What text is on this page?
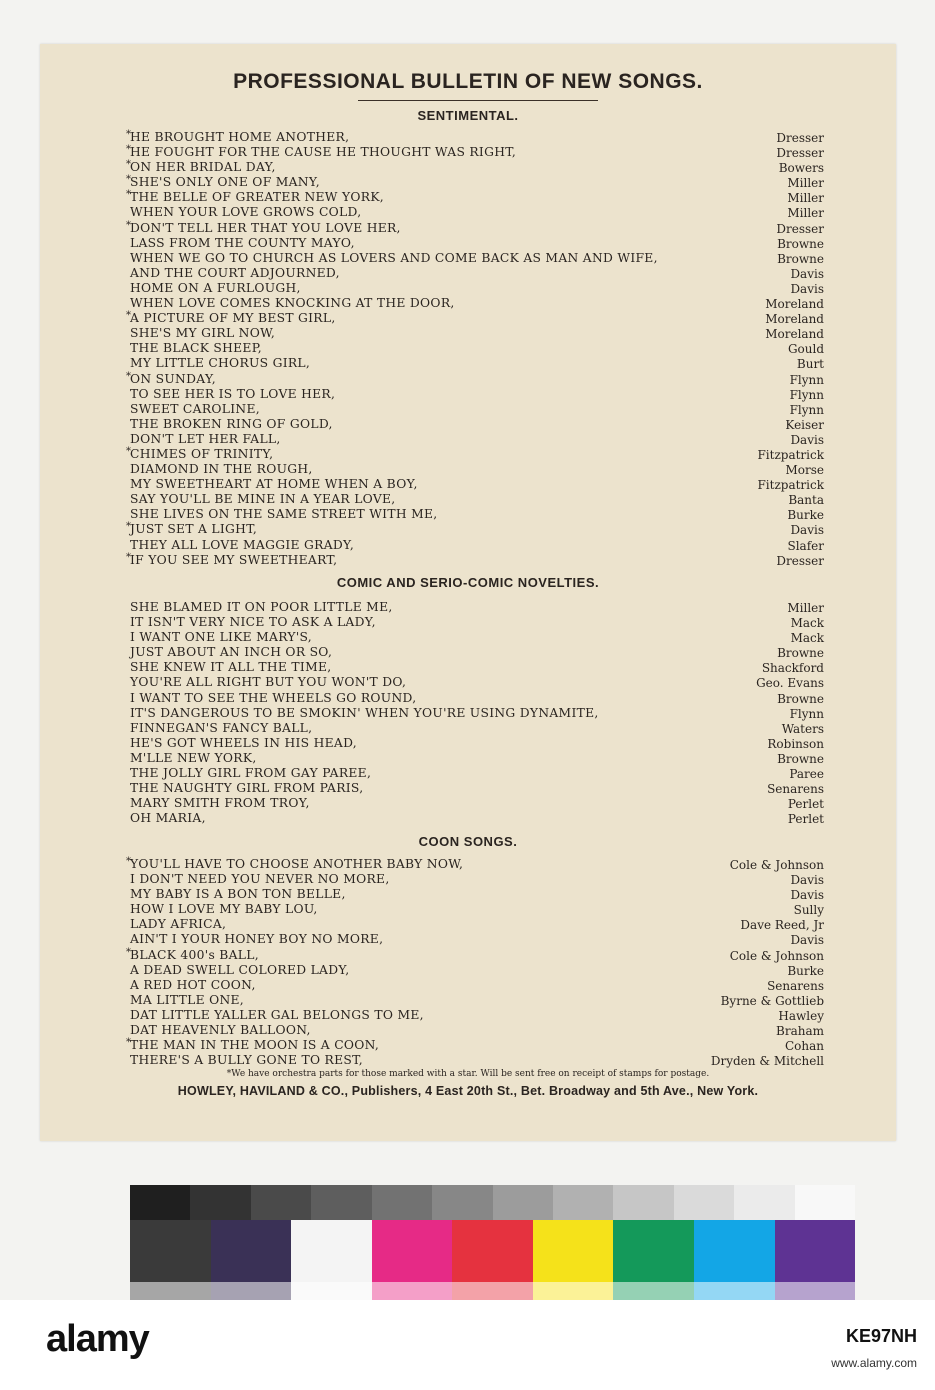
PROFESSIONAL BULLETIN OF NEW SONGS.
SENTIMENTAL.
*
HE BROUGHT HOME ANOTHER,	Dresser
*
HE FOUGHT FOR THE CAUSE HE THOUGHT WAS RIGHT,	Dresser
*
ON HER BRIDAL DAY,	Bowers
*
SHE'S ONLY ONE OF MANY,	Miller
*
THE BELLE OF GREATER NEW YORK,	Miller
WHEN YOUR LOVE GROWS COLD,	Miller
*
DON'T TELL HER THAT YOU LOVE HER,	Dresser
LASS FROM THE COUNTY MAYO,	Browne
WHEN WE GO TO CHURCH AS LOVERS AND COME BACK AS MAN AND WIFE,	Browne
AND THE COURT ADJOURNED,	Davis
HOME ON A FURLOUGH,	Davis
WHEN LOVE COMES KNOCKING AT THE DOOR,	Moreland
*
A PICTURE OF MY BEST GIRL,	Moreland
SHE'S MY GIRL NOW,	Moreland
THE BLACK SHEEP,	Gould
MY LITTLE CHORUS GIRL,	Burt
*
ON SUNDAY,	Flynn
TO SEE HER IS TO LOVE HER,	Flynn
SWEET CAROLINE,	Flynn
THE BROKEN RING OF GOLD,	Keiser
DON'T LET HER FALL,	Davis
*
CHIMES OF TRINITY,	Fitzpatrick
DIAMOND IN THE ROUGH,	Morse
MY SWEETHEART AT HOME WHEN A BOY,	Fitzpatrick
SAY YOU'LL BE MINE IN A YEAR LOVE,	Banta
SHE LIVES ON THE SAME STREET WITH ME,	Burke
*
JUST SET A LIGHT,	Davis
THEY ALL LOVE MAGGIE GRADY,	Slafer
*
IF YOU SEE MY SWEETHEART,	Dresser
COMIC AND SERIO-COMIC NOVELTIES.
SHE BLAMED IT ON POOR LITTLE ME,	Miller
IT ISN'T VERY NICE TO ASK A LADY,	Mack
I WANT ONE LIKE MARY'S,	Mack
JUST ABOUT AN INCH OR SO,	Browne
SHE KNEW IT ALL THE TIME,	Shackford
YOU'RE ALL RIGHT BUT YOU WON'T DO,	Geo. Evans
I WANT TO SEE THE WHEELS GO ROUND,	Browne
IT'S DANGEROUS TO BE SMOKIN' WHEN YOU'RE USING DYNAMITE,	Flynn
FINNEGAN'S FANCY BALL,	Waters
HE'S GOT WHEELS IN HIS HEAD,	Robinson
M'LLE NEW YORK,	Browne
THE JOLLY GIRL FROM GAY PAREE,	Paree
THE NAUGHTY GIRL FROM PARIS,	Senarens
MARY SMITH FROM TROY,	Perlet
OH MARIA,	Perlet
COON SONGS.
*
YOU'LL HAVE TO CHOOSE ANOTHER BABY NOW,	Cole & Johnson
I DON'T NEED YOU NEVER NO MORE,	Davis
MY BABY IS A BON TON BELLE,	Davis
HOW I LOVE MY BABY LOU,	Sully
LADY AFRICA,	Dave Reed, Jr
AIN'T I YOUR HONEY BOY NO MORE,	Davis
*
BLACK 400's BALL,	Cole & Johnson
A DEAD SWELL COLORED LADY,	Burke
A RED HOT COON,	Senarens
MA LITTLE ONE,	Byrne & Gottlieb
DAT LITTLE YALLER GAL BELONGS TO ME,	Hawley
DAT HEAVENLY BALLOON,	Braham
*
THE MAN IN THE MOON IS A COON,	Cohan
THERE'S A BULLY GONE TO REST,	Dryden & Mitchell
*We have orchestra parts for those marked with a star. Will be sent free on receipt of stamps for postage.
HOWLEY, HAVILAND & CO., Publishers, 4 East 20th St., Bet. Broadway and 5th Ave., New York.
alamy	KE97NH
www.alamy.com
